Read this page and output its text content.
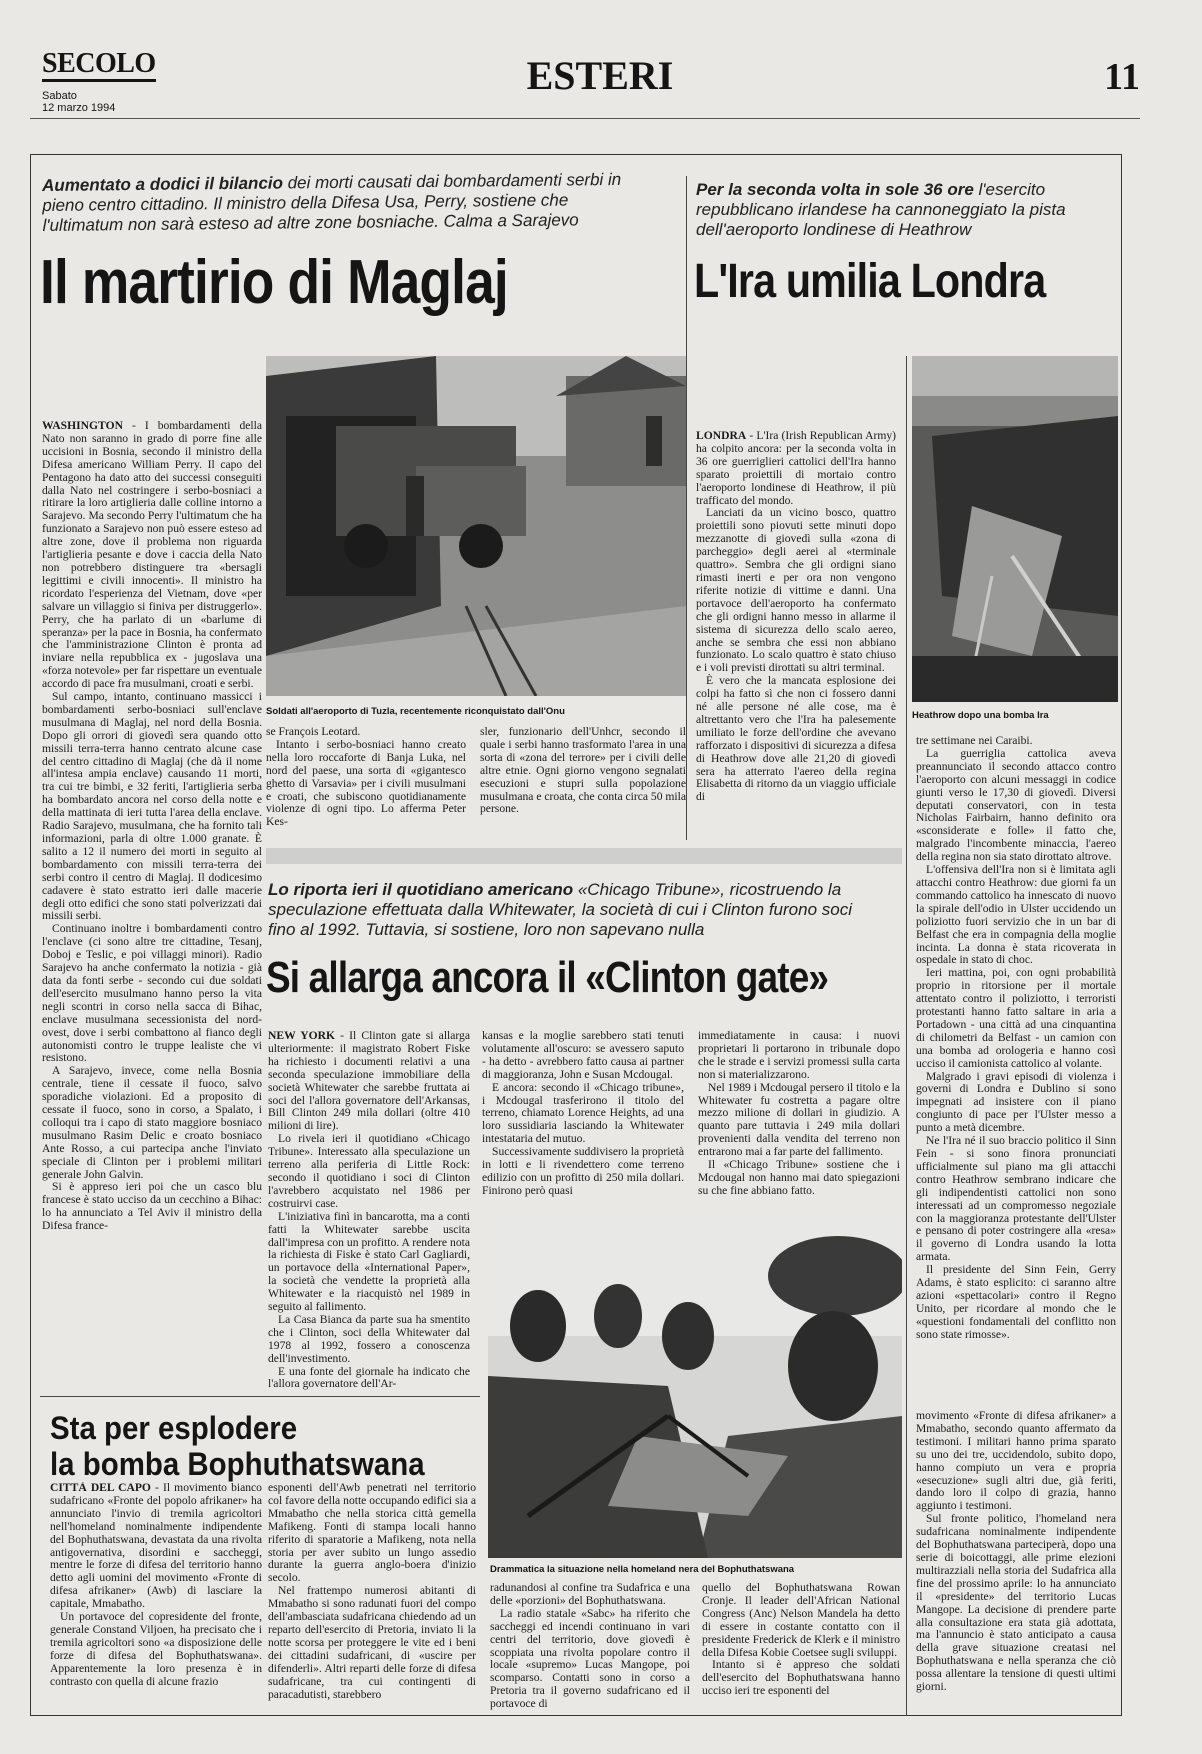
SECOLO
Sabato
12 marzo 1994
ESTERI	11
Aumentato a dodici il bilancio dei morti causati dai bombardamenti serbi in pieno centro cittadino. Il ministro della Difesa Usa, Perry, sostiene che l'ultimatum non sarà esteso ad altre zone bosniache. Calma a Sarajevo
Il martirio di Maglaj

WASHINGTON - I bombardamenti della Nato non saranno in grado di porre fine alle uccisioni in Bosnia, secondo il ministro della Difesa americano William Perry. Il capo del Pentagono ha dato atto dei successi conseguiti dalla Nato nel costringere i serbo-bosniaci a ritirare la loro artiglieria dalle colline intorno a Sarajevo. Ma secondo Perry l'ultimatum che ha funzionato a Sarajevo non può essere esteso ad altre zone, dove il problema non riguarda l'artiglieria pesante e dove i caccia della Nato non potrebbero distinguere tra «bersagli legittimi e civili innocenti». Il ministro ha ricordato l'esperienza del Vietnam, dove «per salvare un villaggio si finiva per distruggerlo». Perry, che ha parlato di un «barlume di speranza» per la pace in Bosnia, ha confermato che l'amministrazione Clinton è pronta ad inviare nella repubblica ex - jugoslava una «forza notevole» per far rispettare un eventuale accordo di pace fra musulmani, croati e serbi.

Sul campo, intanto, continuano massicci i bombardamenti serbo-bosniaci sull'enclave musulmana di Maglaj, nel nord della Bosnia. Dopo gli orrori di giovedì sera quando otto missili terra-terra hanno centrato alcune case del centro cittadino di Maglaj (che dà il nome all'intesa ampia enclave) causando 11 morti, tra cui tre bimbi, e 32 feriti, l'artiglieria serba ha bombardato ancora nel corso della notte e della mattinata di ieri tutta l'area della enclave. Radio Sarajevo, musulmana, che ha fornito tali informazioni, parla di oltre 1.000 granate. È salito a 12 il numero dei morti in seguito al bombardamento con missili terra-terra dei serbi contro il centro di Maglaj. Il dodicesimo cadavere è stato estratto ieri dalle macerie degli otto edifici che sono stati polverizzati dai missili serbi.

Continuano inoltre i bombardamenti contro l'enclave (ci sono altre tre cittadine, Tesanj, Doboj e Teslic, e poi villaggi minori). Radio Sarajevo ha anche confermato la notizia - già data da fonti serbe - secondo cui due soldati dell'esercito musulmano hanno perso la vita negli scontri in corso nella sacca di Bihac, enclave musulmana secessionista del nord-ovest, dove i serbi combattono al fianco degli autonomisti contro le truppe lealiste che vi resistono.

A Sarajevo, invece, come nella Bosnia centrale, tiene il cessate il fuoco, salvo sporadiche violazioni. Ed a proposito di cessate il fuoco, sono in corso, a Spalato, i colloqui tra i capo di stato maggiore bosniaco musulmano Rasim Delic e croato bosniaco Ante Rosso, a cui partecipa anche l'inviato speciale di Clinton per i problemi militari generale John Galvin.

Si è appreso ieri poi che un casco blu francese è stato ucciso da un cecchino a Bihac: lo ha annunciato a Tel Aviv il ministro della Difesa france-

Soldati all'aeroporto di Tuzla, recentemente riconquistato dall'Onu

se François Leotard.

Intanto i serbo-bosniaci hanno creato nella loro roccaforte di Banja Luka, nel nord del paese, una sorta di «gigantesco ghetto di Varsavia» per i civili musulmani e croati, che subiscono quotidianamente violenze di ogni tipo. Lo afferma Peter Kes-

sler, funzionario dell'Unhcr, secondo il quale i serbi hanno trasformato l'area in una sorta di «zona del terrore» per i civili delle altre etnie. Ogni giorno vengono segnalati esecuzioni e stupri sulla popolazione musulmana e croata, che conta circa 50 mila persone.

Per la seconda volta in sole 36 ore l'esercito repubblicano irlandese ha cannoneggiato la pista dell'aeroporto londinese di Heathrow
L'Ira umilia Londra

LONDRA - L'Ira (Irish Republican Army) ha colpito ancora: per la seconda volta in 36 ore guerriglieri cattolici dell'Ira hanno sparato proiettili di mortaio contro l'aeroporto londinese di Heathrow, il più trafficato del mondo.

Lanciati da un vicino bosco, quattro proiettili sono piovuti sette minuti dopo mezzanotte di giovedì sulla «zona di parcheggio» degli aerei al «terminale quattro». Sembra che gli ordigni siano rimasti inerti e per ora non vengono riferite notizie di vittime e danni. Una portavoce dell'aeroporto ha confermato che gli ordigni hanno messo in allarme il sistema di sicurezza dello scalo aereo, anche se sembra che essi non abbiano funzionato. Lo scalo quattro è stato chiuso e i voli previsti dirottati su altri terminal.

È vero che la mancata esplosione dei colpi ha fatto sì che non ci fossero danni né alle persone né alle cose, ma è altrettanto vero che l'Ira ha palesemente umiliato le forze dell'ordine che avevano rafforzato i dispositivi di sicurezza a difesa di Heathrow dove alle 21,20 di giovedì sera ha atterrato l'aereo della regina Elisabetta di ritorno da un viaggio ufficiale di

Heathrow dopo una bomba Ira

tre settimane nei Caraibi.

La guerriglia cattolica aveva preannunciato il secondo attacco contro l'aeroporto con alcuni messaggi in codice giunti verso le 17,30 di giovedì. Diversi deputati conservatori, con in testa Nicholas Fairbairn, hanno definito ora «sconsiderate e folle» il fatto che, malgrado l'incombente minaccia, l'aereo della regina non sia stato dirottato altrove.

L'offensiva dell'Ira non si è limitata agli attacchi contro Heathrow: due giorni fa un commando cattolico ha innescato di nuovo la spirale dell'odio in Ulster uccidendo un poliziotto fuori servizio che in un bar di Belfast che era in compagnia della moglie incinta. La donna è stata ricoverata in ospedale in stato di choc.

Ieri mattina, poi, con ogni probabilità proprio in ritorsione per il mortale attentato contro il poliziotto, i terroristi protestanti hanno fatto saltare in aria a Portadown - una città ad una cinquantina di chilometri da Belfast - un camion con una bomba ad orologeria e hanno così ucciso il camionista cattolico al volante.

Malgrado i gravi episodi di violenza i governi di Londra e Dublino si sono impegnati ad insistere con il piano congiunto di pace per l'Ulster messo a punto a metà dicembre.

Ne l'Ira né il suo braccio politico il Sinn Fein - si sono finora pronunciati ufficialmente sul piano ma gli attacchi contro Heathrow sembrano indicare che gli indipendentisti cattolici non sono interessati ad un compromesso negoziale con la maggioranza protestante dell'Ulster e pensano di poter costringere alla «resa» il governo di Londra usando la lotta armata.

Il presidente del Sinn Fein, Gerry Adams, è stato esplicito: ci saranno altre azioni «spettacolari» contro il Regno Unito, per ricordare al mondo che le «questioni fondamentali del conflitto non sono state rimosse».

Lo riporta ieri il quotidiano americano «Chicago Tribune», ricostruendo la speculazione effettuata dalla Whitewater, la società di cui i Clinton furono soci fino al 1992. Tuttavia, si sostiene, loro non sapevano nulla
Si allarga ancora il «Clinton gate»

NEW YORK - Il Clinton gate si allarga ulteriormente: il magistrato Robert Fiske ha richiesto i documenti relativi a una seconda speculazione immobiliare della società Whitewater che sarebbe fruttata ai soci del l'allora governatore dell'Arkansas, Bill Clinton 249 mila dollari (oltre 410 milioni di lire).

Lo rivela ieri il quotidiano «Chicago Tribune». Interessato alla speculazione un terreno alla periferia di Little Rock: secondo il quotidiano i soci di Clinton l'avrebbero acquistato nel 1986 per costruirvi case.

L'iniziativa finì in bancarotta, ma a conti fatti la Whitewater sarebbe uscita dall'impresa con un profitto. A rendere nota la richiesta di Fiske è stato Carl Gagliardi, un portavoce della «International Paper», la società che vendette la proprietà alla Whitewater e la riacquistò nel 1989 in seguito al fallimento.

La Casa Bianca da parte sua ha smentito che i Clinton, soci della Whitewater dal 1978 al 1992, fossero a conoscenza dell'investimento.

E una fonte del giornale ha indicato che l'allora governatore dell'Ar-

kansas e la moglie sarebbero stati tenuti volutamente all'oscuro: se avessero saputo - ha detto - avrebbero fatto causa ai partner di maggioranza, John e Susan Mcdougal.

E ancora: secondo il «Chicago tribune», i Mcdougal trasferirono il titolo del terreno, chiamato Lorence Heights, ad una loro sussidiaria lasciando la Whitewater intestataria del mutuo.

Successivamente suddivisero la proprietà in lotti e li rivendettero come terreno edilizio con un profitto di 250 mila dollari. Finirono però quasi

immediatamente in causa: i nuovi proprietari li portarono in tribunale dopo che le strade e i servizi promessi sulla carta non si materializzarono.

Nel 1989 i Mcdougal persero il titolo e la Whitewater fu costretta a pagare oltre mezzo milione di dollari in giudizio. A quanto pare tuttavia i 249 mila dollari provenienti dalla vendita del terreno non entrarono mai a far parte del fallimento.

Il «Chicago Tribune» sostiene che i Mcdougal non hanno mai dato spiegazioni su che fine abbiano fatto.

Sta per esplodere
la bomba Bophuthatswana
Drammatica la situazione nella homeland nera del Bophuthatswana

CITTÀ DEL CAPO - Il movimento bianco sudafricano «Fronte del popolo afrikaner» ha annunciato l'invio di tremila agricoltori nell'homeland nominalmente indipendente del Bophuthatswana, devastata da una rivolta antigovernativa, disordini e saccheggi, mentre le forze di difesa del territorio hanno detto agli uomini del movimento «Fronte di difesa afrikaner» (Awb) di lasciare la capitale, Mmabatho.

Un portavoce del copresidente del fronte, generale Constand Viljoen, ha precisato che i tremila agricoltori sono «a disposizione delle forze di difesa del Bophuthatswana». Apparentemente la loro presenza è in contrasto con quella di alcune frazio

esponenti dell'Awb penetrati nel territorio col favore della notte occupando edifici sia a Mmabatho che nella storica città gemella Mafikeng. Fonti di stampa locali hanno riferito di sparatorie a Mafikeng, nota nella storia per aver subito un lungo assedio durante la guerra anglo-boera d'inizio secolo.

Nel frattempo numerosi abitanti di Mmabatho si sono radunati fuori del compo dell'ambasciata sudafricana chiedendo ad un reparto dell'esercito di Pretoria, inviato li la notte scorsa per proteggere le vite ed i beni dei cittadini sudafricani, di «uscire per difenderli». Altri reparti delle forze di difesa sudafricane, tra cui contingenti di paracadutisti, starebbero

radunandosi al confine tra Sudafrica e una delle «porzioni» del Bophuthatswana.

La radio statale «Sabc» ha riferito che saccheggi ed incendi continuano in vari centri del territorio, dove giovedì è scoppiata una rivolta popolare contro il locale «supremo» Lucas Mangope, poi scomparso. Contatti sono in corso a Pretoria tra il governo sudafricano ed il portavoce di

quello del Bophuthatswana Rowan Cronje. Il leader dell'African National Congress (Anc) Nelson Mandela ha detto di essere in costante contatto con il presidente Frederick de Klerk e il ministro della Difesa Kobie Coetsee sugli sviluppi.

Intanto si è appreso che soldati dell'esercito del Bophuthatswana hanno ucciso ieri tre esponenti del

movimento «Fronte di difesa afrikaner» a Mmabatho, secondo quanto affermato da testimoni. I militari hanno prima sparato su uno dei tre, uccidendolo, subito dopo, hanno compiuto un vera e propria «esecuzione» sugli altri due, già feriti, dando loro il colpo di grazia, hanno aggiunto i testimoni.

Sul fronte politico, l'homeland nera sudafricana nominalmente indipendente del Bophuthatswana parteciperà, dopo una serie di boicottaggi, alle prime elezioni multirazziali nella storia del Sudafrica alla fine del prossimo aprile: lo ha annunciato il «presidente» del territorio Lucas Mangope. La decisione di prendere parte alla consultazione era stata già adottata, ma l'annuncio è stato anticipato a causa della grave situazione creatasi nel Bophuthatswana e nella speranza che ciò possa allentare la tensione di questi ultimi giorni.
